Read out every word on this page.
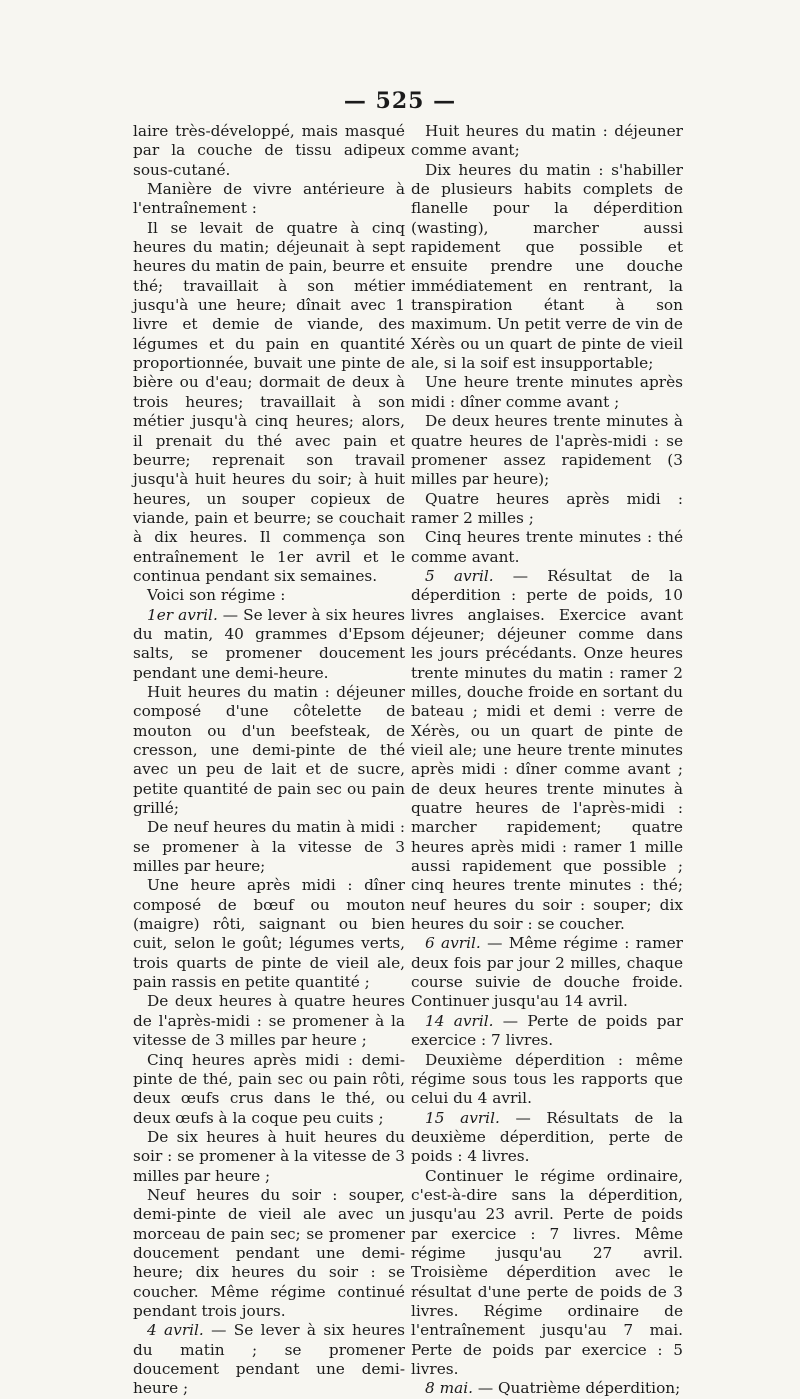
— 525 —

laire très-développé, mais masqué par la couche de tissu adipeux sous-cutané.

Manière de vivre antérieure à l'entraînement :

Il se levait de quatre à cinq heures du matin; déjeunait à sept heures du matin de pain, beurre et thé; travaillait à son métier jusqu'à une heure; dînait avec 1 livre et demie de viande, des légumes et du pain en quantité proportionnée, buvait une pinte de bière ou d'eau; dormait de deux à trois heures; travaillait à son métier jusqu'à cinq heures; alors, il prenait du thé avec pain et beurre; reprenait son travail jusqu'à huit heures du soir; à huit heures, un souper copieux de viande, pain et beurre; se couchait à dix heures. Il commença son entraînement le 1er avril et le continua pendant six semaines.

Voici son régime :

1er avril. — Se lever à six heures du matin, 40 grammes d'Epsom salts, se promener doucement pendant une demi-heure.

Huit heures du matin : déjeuner composé d'une côtelette de mouton ou d'un beefsteak, de cresson, une demi-pinte de thé avec un peu de lait et de sucre, petite quantité de pain sec ou pain grillé;

De neuf heures du matin à midi : se promener à la vitesse de 3 milles par heure;

Une heure après midi : dîner composé de bœuf ou mouton (maigre) rôti, saignant ou bien cuit, selon le goût; légumes verts, trois quarts de pinte de vieil ale, pain rassis en petite quantité ;

De deux heures à quatre heures de l'après-midi : se promener à la vitesse de 3 milles par heure ;

Cinq heures après midi : demi-pinte de thé, pain sec ou pain rôti, deux œufs crus dans le thé, ou deux œufs à la coque peu cuits ;

De six heures à huit heures du soir : se promener à la vitesse de 3 milles par heure ;

Neuf heures du soir : souper, demi-pinte de vieil ale avec un morceau de pain sec; se promener doucement pendant une demi-heure; dix heures du soir : se coucher. Même régime continué pendant trois jours.

4 avril. — Se lever à six heures du matin ; se promener doucement pendant une demi-heure ;

Huit heures du matin : déjeuner comme avant;

Dix heures du matin : s'habiller de plusieurs habits complets de flanelle pour la déperdition (wasting), marcher aussi rapidement que possible et ensuite prendre une douche immédiatement en rentrant, la transpiration étant à son maximum. Un petit verre de vin de Xérès ou un quart de pinte de vieil ale, si la soif est insupportable;

Une heure trente minutes après midi : dîner comme avant ;

De deux heures trente minutes à quatre heures de l'après-midi : se promener assez rapidement (3 milles par heure);

Quatre heures après midi : ramer 2 milles ;

Cinq heures trente minutes : thé comme avant.

5 avril. — Résultat de la déperdition : perte de poids, 10 livres anglaises. Exercice avant déjeuner; déjeuner comme dans les jours précédants. Onze heures trente minutes du matin : ramer 2 milles, douche froide en sortant du bateau ; midi et demi : verre de Xérès, ou un quart de pinte de vieil ale; une heure trente minutes après midi : dîner comme avant ; de deux heures trente minutes à quatre heures de l'après-midi : marcher rapidement; quatre heures après midi : ramer 1 mille aussi rapidement que possible ; cinq heures trente minutes : thé; neuf heures du soir : souper; dix heures du soir : se coucher.

6 avril. — Même régime : ramer deux fois par jour 2 milles, chaque course suivie de douche froide. Continuer jusqu'au 14 avril.

14 avril. — Perte de poids par exercice : 7 livres.

Deuxième déperdition : même régime sous tous les rapports que celui du 4 avril.

15 avril. — Résultats de la deuxième déperdition, perte de poids : 4 livres.

Continuer le régime ordinaire, c'est-à-dire sans la déperdition, jusqu'au 23 avril. Perte de poids par exercice : 7 livres. Même régime jusqu'au 27 avril. Troisième déperdition avec le résultat d'une perte de poids de 3 livres. Régime ordinaire de l'entraînement jusqu'au 7 mai. Perte de poids par exercice : 5 livres.

8 mai. — Quatrième déperdition;
